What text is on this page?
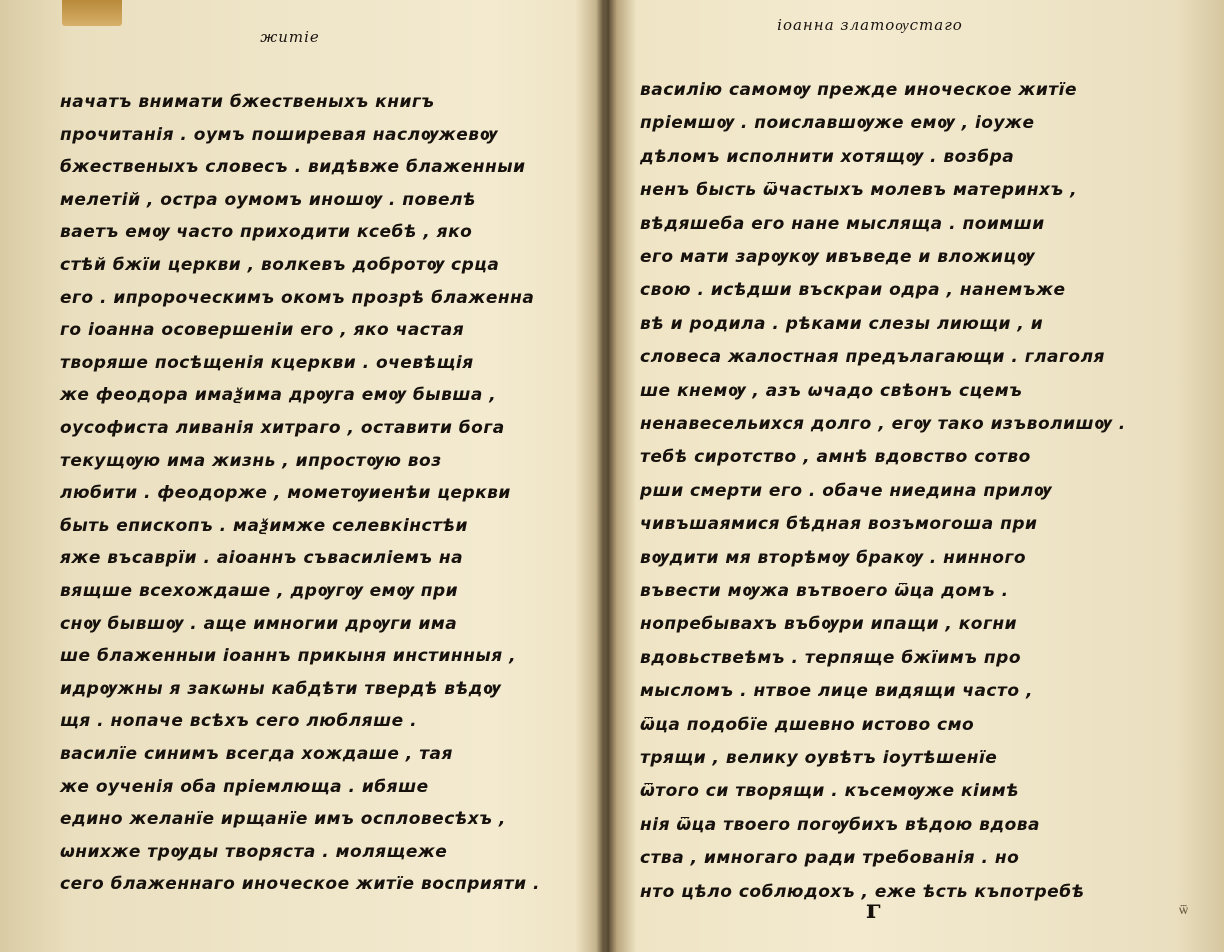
житіе
начатъ внимати бжественыхъ книгъ
прочитанія . оумъ поширевая наслѹжевѹ
бжественыхъ словесъ . видѣвже блаженныи
мелетій , остра оумомъ иношѹ . повелѣ
ваетъ емѹ часто приходити ксебѣ , яко
стѣй бжїи церкви , волкевъ добротѹ срца
его . ипророческимъ окомъ прозрѣ блаженна
го іоанна осовершеніи его , яко частая
творяше посѣщенія кцеркви . очевѣщія
же феодора имаѯима дрѹга емѹ бывша ,
оусофиста ливанія хитраго , оставити бога
текущѹю има жизнь , ипростѹю воз
любити . феодорже , мометѹиенѣи церкви
быть епископъ . маѯимже селевкінстѣи
яже въсаврїи . аіоаннъ съвасиліемъ на
вящше всехождаше , дрѹгѹ емѹ при
снѹ бывшѹ . аще имногии дрѹги има
ше блаженныи іоаннъ прикыня инстинныя ,
идрѹжны я закѡны кабдѣти твердѣ вѣдѹ
щя . нопаче всѣхъ сего любляше .
василїе синимъ всегда хождаше , тая
же оученія оба пріемлюща . ибяше
едино желанїе ирщанїе имъ оспловесѣхъ ,
ѡнихже трѹды творяста . молящеже
сего блаженнаго иноческое житїе восприяти .
іоанна златоѹстаго
василію самомѹ прежде иноческое житїе
пріемшѹ . поиславшѹже емѹ , іоуже
дѣломъ исполнити хотящѹ . возбра
ненъ бысть ѿчастыхъ молевъ материнхъ ,
вѣдяшеба его нане мысляща . поимши
его мати зарѹкѹ ивъведе и вложицѹ
свою . исѣдши въскраи одра , нанемъже
вѣ и родила . рѣками слезы лиющи , и
словеса жалостная предълагающи . глаголя
ше кнемѹ , азъ ѡчадо свѣонъ сцемъ
ненавесельихся долго , егѹ тако изъволишѹ .
тебѣ сиротство , амнѣ вдовство сотво
рши смерти его . обаче ниедина прилѹ
чивъшаямися бѣдная возъмогоша при
вѹдити мя вторѣмѹ бракѹ . нинного
въвести мѹжа вътвоего ѿца домъ .
нопребывахъ въбѹри ипащи , когни
вдовьствеѣмъ . терпяще бжїимъ про
мысломъ . нтвое лице видящи часто ,
ѿца подобїе дшевно истово смо
трящи , велику оувѣтъ іоутѣшенїе
ѿтого си творящи . късемѹже кіимѣ
нія ѿца твоего погѹбихъ вѣдою вдова
ства , имногаго ради требованія . но
нто цѣло соблюдохъ , еже ѣсть къпотребѣ
г	ѿ
